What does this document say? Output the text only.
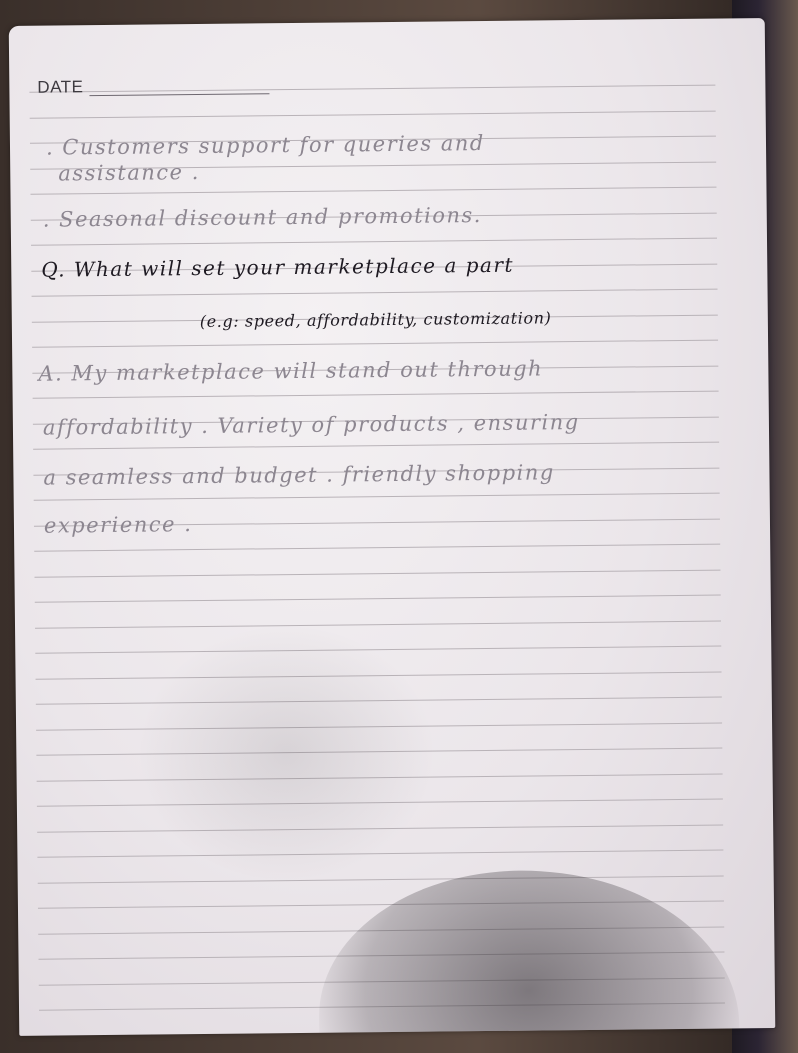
DATE
. Customers support for queries and
assistance .
. Seasonal discount and promotions.
Q. What will set your marketplace a part
(e.g: speed, affordability, customization)
A. My marketplace will stand out through
affordability . Variety of products , ensuring
a seamless and budget . friendly shopping
experience .
